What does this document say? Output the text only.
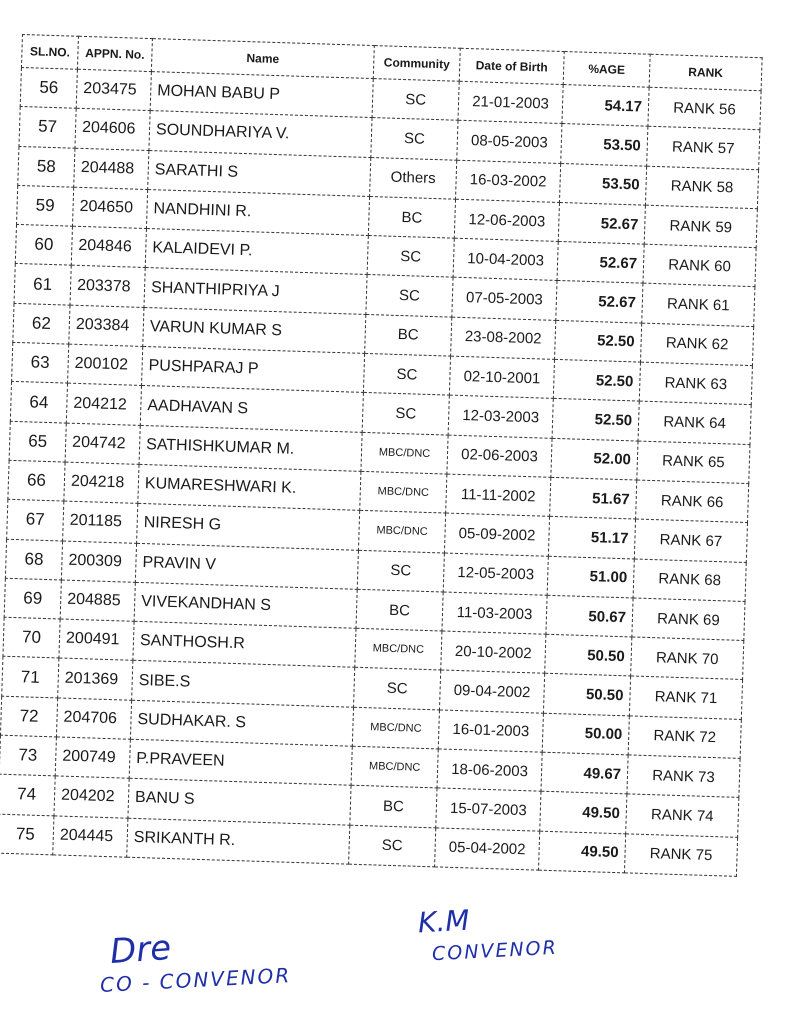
SL.NO.	APPN. No.	Name	Community	Date of Birth	%AGE	RANK
56	203475	MOHAN BABU P	SC	21-01-2003	54.17	RANK 56
57	204606	SOUNDHARIYA V.	SC	08-05-2003	53.50	RANK 57
58	204488	SARATHI S	Others	16-03-2002	53.50	RANK 58
59	204650	NANDHINI R.	BC	12-06-2003	52.67	RANK 59
60	204846	KALAIDEVI P.	SC	10-04-2003	52.67	RANK 60
61	203378	SHANTHIPRIYA J	SC	07-05-2003	52.67	RANK 61
62	203384	VARUN KUMAR S	BC	23-08-2002	52.50	RANK 62
63	200102	PUSHPARAJ P	SC	02-10-2001	52.50	RANK 63
64	204212	AADHAVAN S	SC	12-03-2003	52.50	RANK 64
65	204742	SATHISHKUMAR M.	MBC/DNC	02-06-2003	52.00	RANK 65
66	204218	KUMARESHWARI K.	MBC/DNC	11-11-2002	51.67	RANK 66
67	201185	NIRESH G	MBC/DNC	05-09-2002	51.17	RANK 67
68	200309	PRAVIN V	SC	12-05-2003	51.00	RANK 68
69	204885	VIVEKANDHAN S	BC	11-03-2003	50.67	RANK 69
70	200491	SANTHOSH.R	MBC/DNC	20-10-2002	50.50	RANK 70
71	201369	SIBE.S	SC	09-04-2002	50.50	RANK 71
72	204706	SUDHAKAR. S	MBC/DNC	16-01-2003	50.00	RANK 72
73	200749	P.PRAVEEN	MBC/DNC	18-06-2003	49.67	RANK 73
74	204202	BANU S	BC	15-07-2003	49.50	RANK 74
75	204445	SRIKANTH R.	SC	05-04-2002	49.50	RANK 75
Dre
CO - CONVENOR
K.M
CONVENOR
